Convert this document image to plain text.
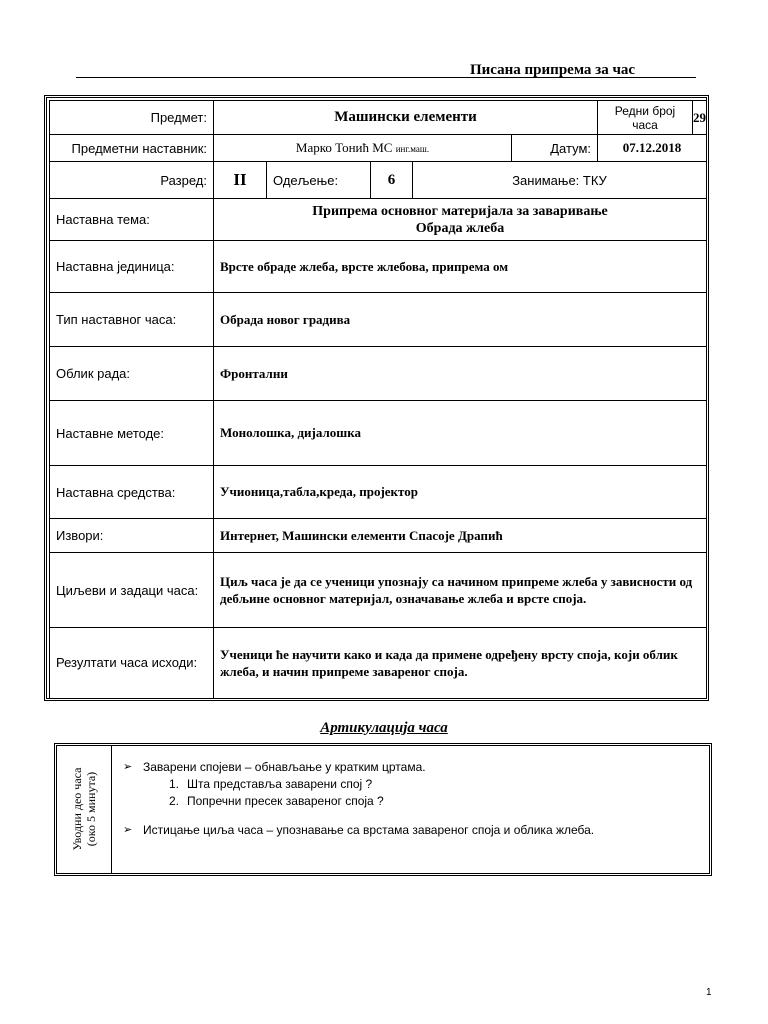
Писана припрема за час
Предмет:	Машински елементи					Редни број часа	29
Предметни наставник:	Марко Тонић МС инг.маш.				Датум:	07.12.2018	
Разред:	II	Одељење:	6	Занимање: ТКУ			
Наставна тема:	Припрема основног материјала за заваривање
Обрада жлеба						

Наставна јединица:	Врсте обраде жлеба, врсте жлебова, припрема ом						
Тип наставног часа:	Обрада новог градива						
Облик рада:	Фронтални						
Наставне методе:	Монолошка, дијалошка						
Наставна средства:	Учионица,табла,креда, пројектор						
Извори:	Интернет, Машински елементи Спасоје Драпић						
Циљеви и задаци часа:	Циљ часа је да се ученици упознају са начином припреме жлеба у зависности од дебљине основног материјал, означавање жлеба и врсте споја.						
Резултати часа исходи:	Ученици ће научити како и када да примене одређену врсту споја, који облик жлеба, и начин припреме завареног споја.						
Артикулација часа
Уводни део часа (око 5 минута)
➢ Заварени спојеви – обнављање у кратким цртама.
1. Шта представља заварени спој ?
2. Попречни пресек завареног споја ?
➢ Истицање циља часа – упознавање са врстама завареног споја и облика жлеба.
1
